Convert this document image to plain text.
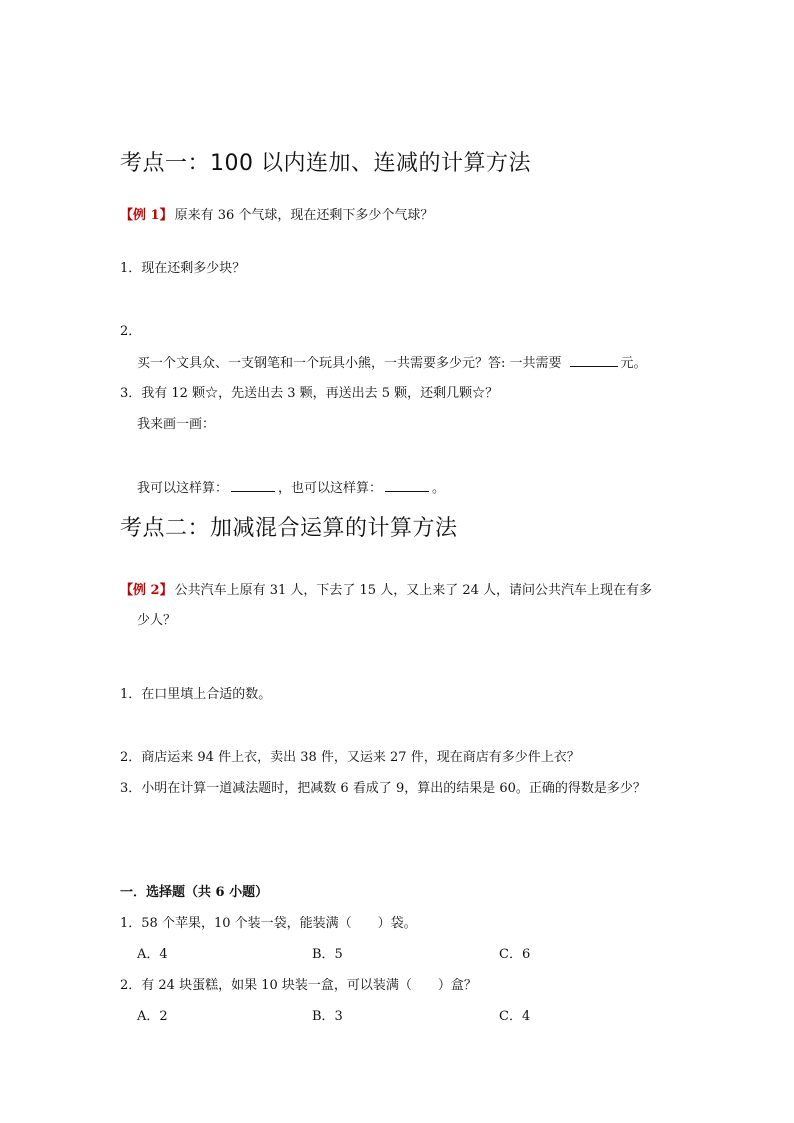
考点一：100 以内连加、连减的计算方法
【例 1】 原来有 36 个气球，现在还剩下多少个气球？
1．现在还剩多少块？
2．
买一个文具众、一支钢笔和一个玩具小熊，一共需要多少元？答: 一共需要	元。
3．我有 12 颗☆，先送出去 3 颗，再送出去 5 颗，还剩几颗☆？
我来画一画：
我可以这样算：	，也可以这样算：	。
考点二：加减混合运算的计算方法
【例 2】 公共汽车上原有 31 人，下去了 15 人，又上来了 24 人，请问公共汽车上现在有多
少人？
1．在口里填上合适的数。
2．商店运来 94 件上衣，卖出 38 件，又运来 27 件，现在商店有多少件上衣？
3．小明在计算一道减法题时，把减数 6 看成了 9，算出的结果是 60。正确的得数是多少？
一．选择题（共 6 小题）
1．58 个苹果，10 个装一袋，能装满（　　）袋。
A．4	B．5	C．6
2．有 24 块蛋糕，如果 10 块装一盒，可以装满（　　）盒？
A．2	B．3	C．4
